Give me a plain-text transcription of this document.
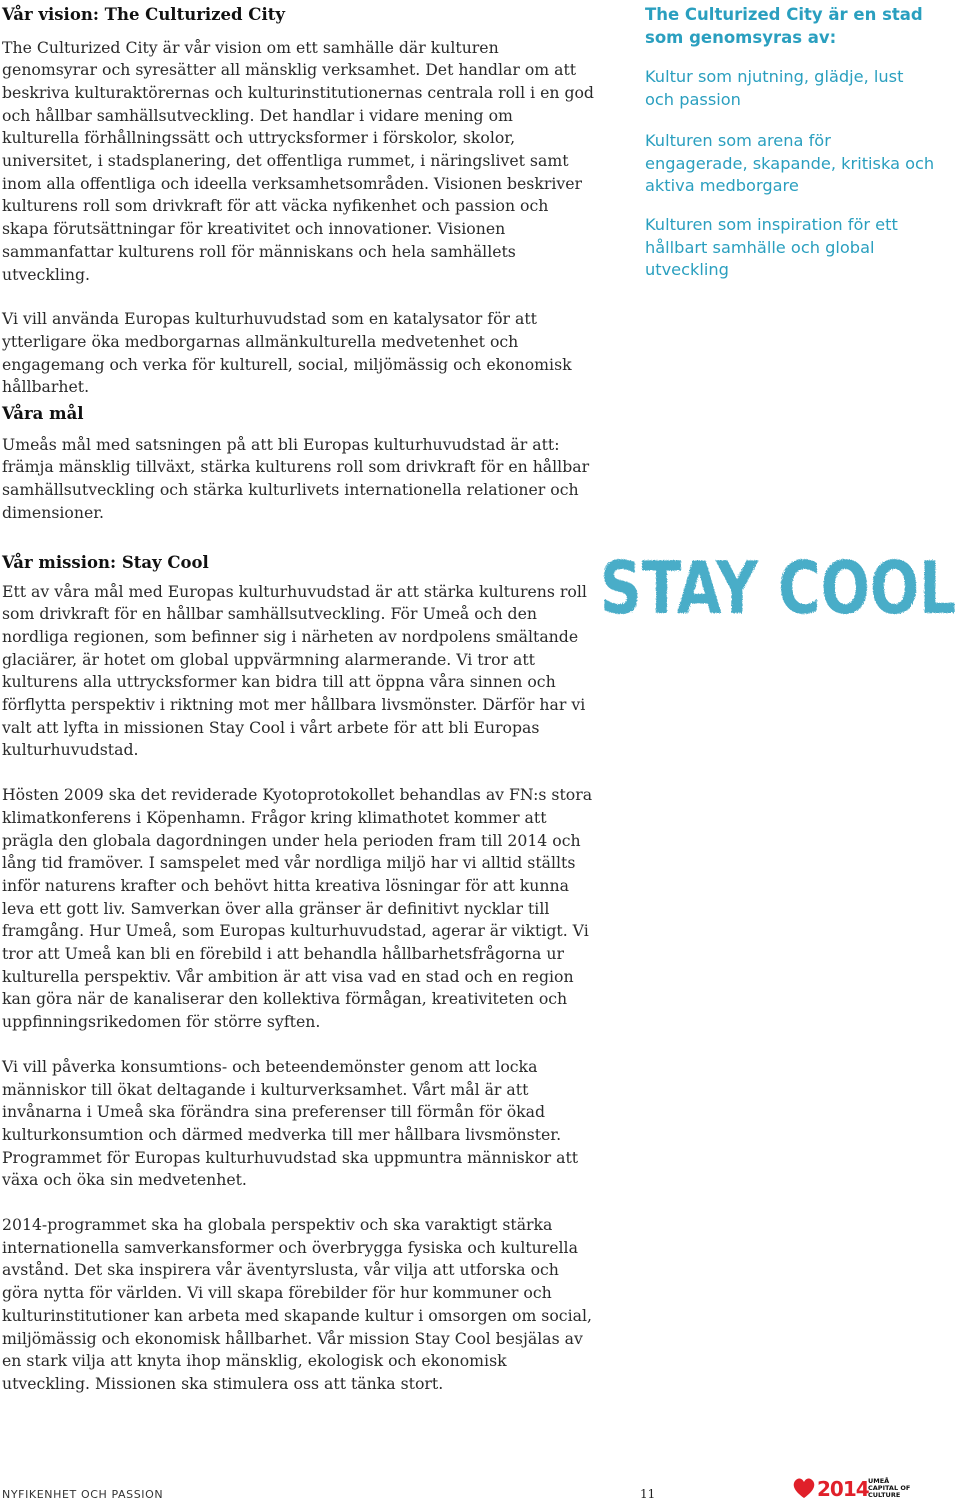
Vår vision: The Culturized City

The Culturized City är vår vision om ett samhälle där kulturen genomsyrar och syresätter all mänsklig verksamhet. Det handlar om att beskriva kulturaktörernas och kulturinstitutionernas centrala roll i en god och hållbar samhällsutveckling. Det handlar i vidare mening om kulturella förhållningssätt och uttrycksformer i förskolor, skolor, universitet, i stadsplanering, det offentliga rummet, i näringslivet samt inom alla offentliga och ideella verksamhetsområden. Visionen beskriver kulturens roll som drivkraft för att väcka nyfikenhet och passion och skapa förutsättningar för kreativitet och innovationer. Visionen sammanfattar kulturens roll för människans och hela samhällets utveckling.

Vi vill använda Europas kulturhuvudstad som en katalysator för att ytterligare öka medborgarnas allmänkulturella medvetenhet och engagemang och verka för kulturell, social, miljömässig och ekonomisk hållbarhet.

Våra mål

Umeås mål med satsningen på att bli Europas kulturhuvudstad är att: främja mänsklig tillväxt, stärka kulturens roll som drivkraft för en hållbar samhällsutveckling och stärka kulturlivets internationella relationer och dimensioner.

Vår mission: Stay Cool

Ett av våra mål med Europas kulturhuvudstad är att stärka kulturens roll som drivkraft för en hållbar samhällsutveckling. För Umeå och den nordliga regionen, som befinner sig i närheten av nordpolens smältande glaciärer, är hotet om global uppvärmning alarmerande. Vi tror att kulturens alla uttrycksformer kan bidra till att öppna våra sinnen och förflytta perspektiv i riktning mot mer hållbara livsmönster. Därför har vi valt att lyfta in missionen Stay Cool i vårt arbete för att bli Europas kulturhuvudstad.

Hösten 2009 ska det reviderade Kyotoprotokollet behandlas av FN:s stora klimatkonferens i Köpenhamn. Frågor kring klimathotet kommer att prägla den globala dagordningen under hela perioden fram till 2014 och lång tid framöver. I samspelet med vår nordliga miljö har vi alltid ställts inför naturens krafter och behövt hitta kreativa lösningar för att kunna leva ett gott liv. Samverkan över alla gränser är definitivt nycklar till framgång. Hur Umeå, som Europas kulturhuvudstad, agerar är viktigt. Vi tror att Umeå kan bli en förebild i att behandla hållbarhetsfrågorna ur kulturella perspektiv. Vår ambition är att visa vad en stad och en region kan göra när de kanaliserar den kollektiva förmågan, kreativiteten och uppfinningsrikedomen för större syften.

Vi vill påverka konsumtions- och beteendemönster genom att locka människor till ökat deltagande i kulturverksamhet. Vårt mål är att invånarna i Umeå ska förändra sina preferenser till förmån för ökad kulturkonsumtion och därmed medverka till mer hållbara livsmönster. Programmet för Europas kulturhuvudstad ska uppmuntra människor att växa och öka sin medvetenhet.

2014-programmet ska ha globala perspektiv och ska varaktigt stärka internationella samverkansformer och överbrygga fysiska och kulturella avstånd. Det ska inspirera vår äventyrslusta, vår vilja att utforska och göra nytta för världen. Vi vill skapa förebilder för hur kommuner och kulturinstitutioner kan arbeta med skapande kultur i omsorgen om social, miljömässig och ekonomisk hållbarhet. Vår mission Stay Cool besjälas av en stark vilja att knyta ihop mänsklig, ekologisk och ekonomisk utveckling. Missionen ska stimulera oss att tänka stort.

The Culturized City är en stad som genomsyras av:
Kultur som njutning, glädje, lust och passion
Kulturen som arena för engagerade, skapande, kritiska och aktiva medborgare
Kulturen som inspiration för ett hållbart samhälle och global utveckling
STAY COOL
NYFIKENHET OCH PASSION	11	2014 UMEÅ
CAPITAL OF
CULTURE
